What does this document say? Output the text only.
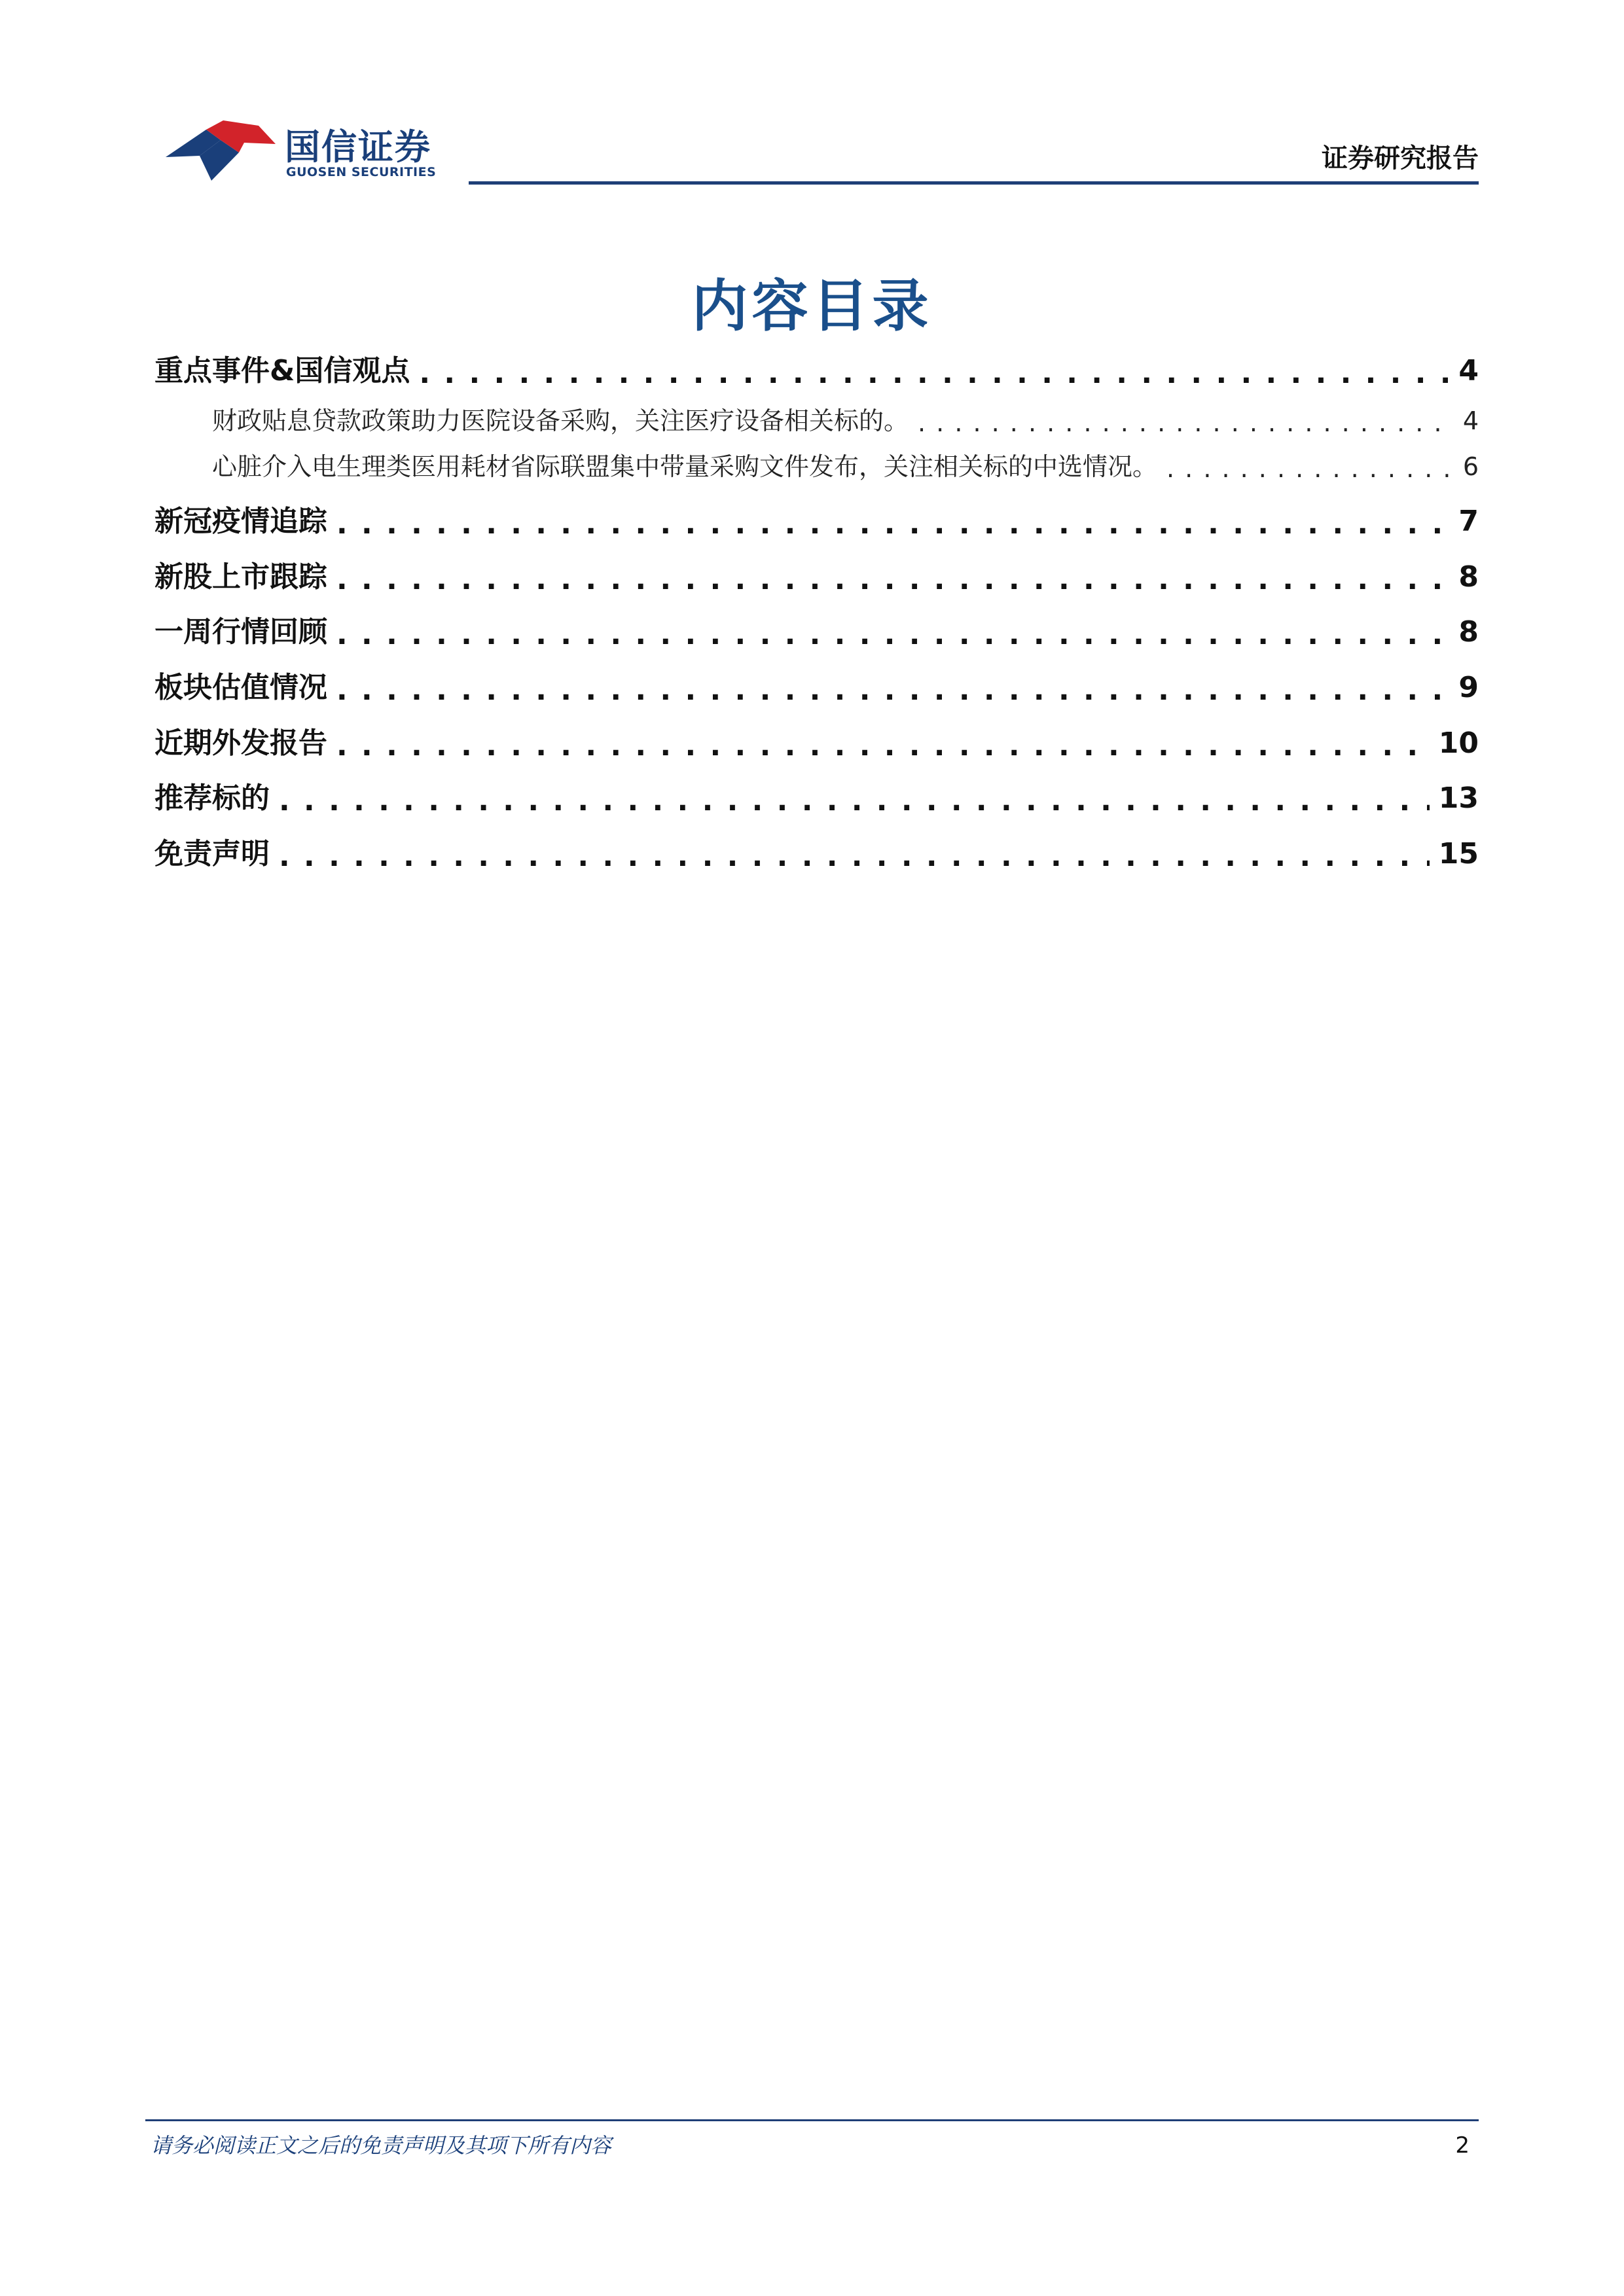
国信证券
GUOSEN SECURITIES	证券研究报告
内容目录
重点事件&国信观点 . . .	4
财政贴息贷款政策助力医院设备采购，关注医疗设备相关标的。 . . .	4
心脏介入电生理类医用耗材省际联盟集中带量采购文件发布，关注相关标的中选情况。 . . .	6
新冠疫情追踪 . . .	7
新股上市跟踪 . . .	8
一周行情回顾 . . .	8
板块估值情况 . . .	9
近期外发报告 . . .	10
推荐标的 . . .	13
免责声明 . . .	15
请务必阅读正文之后的免责声明及其项下所有内容	2
